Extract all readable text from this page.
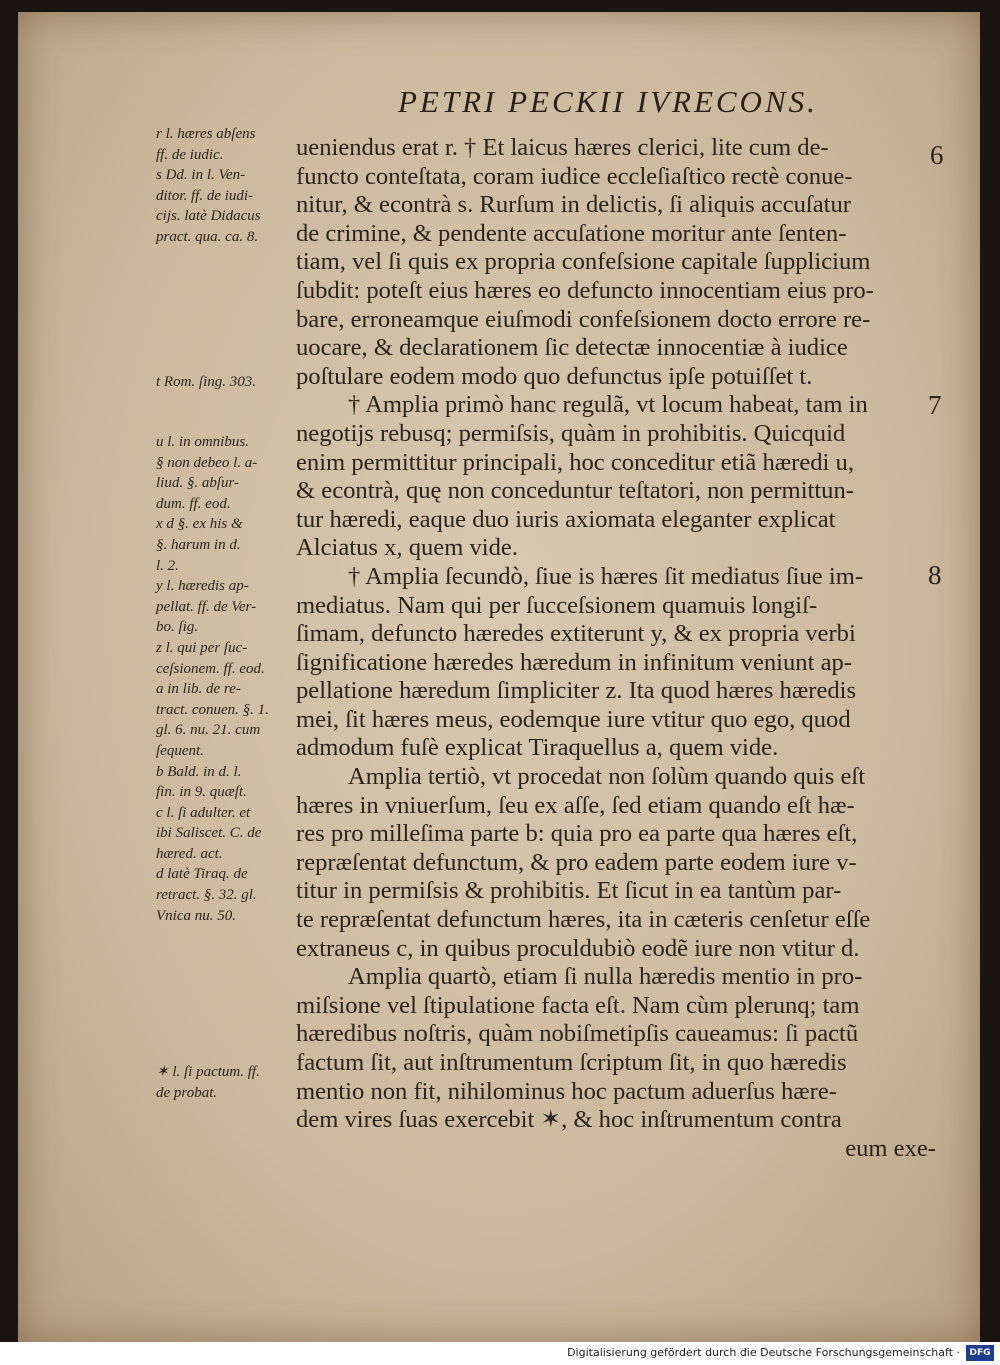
PETRI PECKII IVRECONS.
6
7
8
ueniendus erat r. † Et laicus hæres clerici, lite cum de-
functo conteſtata, coram iudice eccleſiaſtico rectè conue-
nitur, & econtrà s. Rurſum in delictis, ſi aliquis accuſatur
de crimine, & pendente accuſatione moritur ante ſenten-
tiam, vel ſi quis ex propria confeſsione capitale ſupplicium
ſubdit: poteſt eius hæres eo defuncto innocentiam eius pro-
bare, erroneamque eiuſmodi confeſsionem docto errore re-
uocare, & declarationem ſic detectæ innocentiæ à iudice
poſtulare eodem modo quo defunctus ipſe potuiſſet t.
† Amplia primò hanc regulã, vt locum habeat, tam in
negotijs rebusq; permiſsis, quàm in prohibitis. Quicquid
enim permittitur principali, hoc conceditur etiã hæredi u,
& econtrà, quę non conceduntur teſtatori, non permittun-
tur hæredi, eaque duo iuris axiomata eleganter explicat
Alciatus x, quem vide.
† Amplia ſecundò, ſiue is hæres ſit mediatus ſiue im-
mediatus. Nam qui per ſucceſsionem quamuis longiſ-
ſimam, defuncto hæredes extiterunt y, & ex propria verbi
ſignificatione hæredes hæredum in infinitum veniunt ap-
pellatione hæredum ſimpliciter z. Ita quod hæres hæredis
mei, ſit hæres meus, eodemque iure vtitur quo ego, quod
admodum fuſè explicat Tiraquellus a, quem vide.
Amplia tertiò, vt procedat non ſolùm quando quis eſt
hæres in vniuerſum, ſeu ex aſſe, ſed etiam quando eſt hæ-
res pro milleſima parte b: quia pro ea parte qua hæres eſt,
repræſentat defunctum, & pro eadem parte eodem iure v-
titur in permiſsis & prohibitis. Et ſicut in ea tantùm par-
te repræſentat defunctum hæres, ita in cæteris cenſetur eſſe
extraneus c, in quibus proculdubiò eodẽ iure non vtitur d.
Amplia quartò, etiam ſi nulla hæredis mentio in pro-
miſsione vel ſtipulatione facta eſt. Nam cùm plerunq; tam
hæredibus noſtris, quàm nobiſmetipſis caueamus: ſi pactũ
factum ſit, aut inſtrumentum ſcriptum ſit, in quo hæredis
mentio non fit, nihilominus hoc pactum aduerſus hære-
dem vires ſuas exercebit ✶, & hoc inſtrumentum contra
eum exe-
r l. hæres abſens
ff. de iudic.
s Dd. in l. Ven-
ditor. ff. de iudi-
cijs. latè Didacus
pract. qua. ca. 8.
t Rom. ſing. 303.
u l. in omnibus.
§ non debeo l. a-
liud. §. abſur-
dum. ff. eod.
x d §. ex his &
§. harum in d.
l. 2.
y l. hæredis ap-
pellat. ff. de Ver-
bo. ſig.
z l. qui per ſuc-
ceſsionem. ff. eod.
a in lib. de re-
tract. conuen. §. 1.
gl. 6. nu. 21. cum
ſequent.
b Bald. in d. l.
fin. in 9. quæſt.
c l. ſi adulter. et
ibi Saliscet. C. de
hæred. act.
d latè Tiraq. de
retract. §. 32. gl.
Vnica nu. 50.
✶ l. ſi pactum. ff.
de probat.
Digitalisierung gefördert durch die Deutsche Forschungsgemeinschaft ·	DFG
